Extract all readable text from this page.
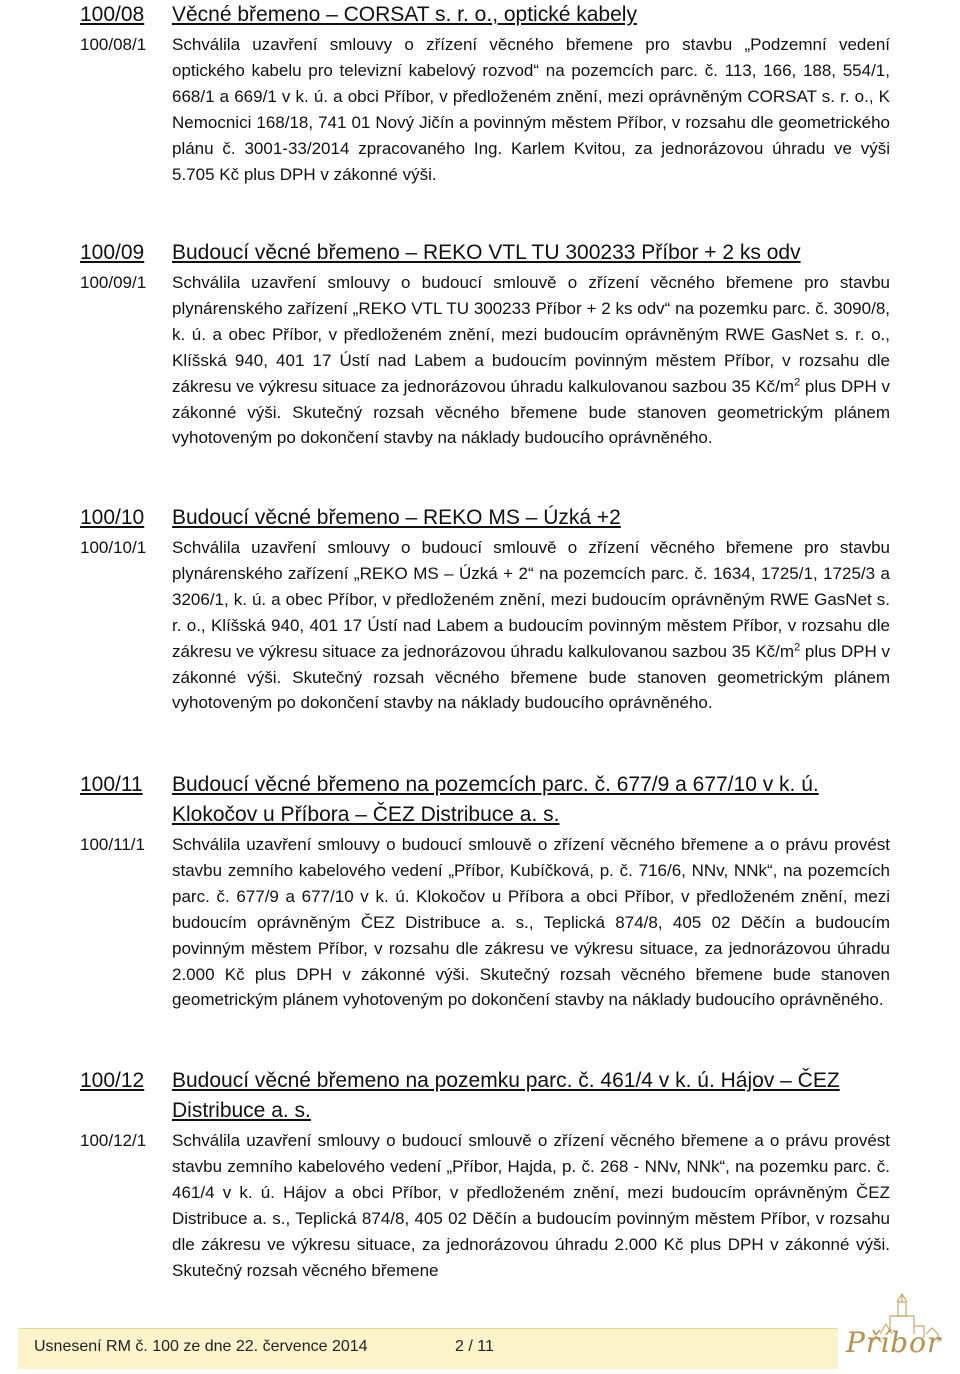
100/08	Věcné břemeno – CORSAT s. r. o., optické kabely
100/08/1	Schválila uzavření smlouvy o zřízení věcného břemene pro stavbu „Podzemní vedení optického kabelu pro televizní kabelový rozvod“ na pozemcích parc. č. 113, 166, 188, 554/1, 668/1 a 669/1 v k. ú. a obci Příbor, v předloženém znění, mezi oprávněným CORSAT s. r. o., K Nemocnici 168/18, 741 01 Nový Jičín a povinným městem Příbor, v rozsahu dle geometrického plánu č. 3001-33/2014 zpracovaného Ing. Karlem Kvitou, za jednorázovou úhradu ve výši 5.705 Kč plus DPH v zákonné výši.
100/09	Budoucí věcné břemeno – REKO VTL TU 300233 Příbor + 2 ks odv
100/09/1	Schválila uzavření smlouvy o budoucí smlouvě o zřízení věcného břemene pro stavbu plynárenského zařízení „REKO VTL TU 300233 Příbor + 2 ks odv“ na pozemku parc. č. 3090/8, k. ú. a obec Příbor, v předloženém znění, mezi budoucím oprávněným RWE GasNet s. r. o., Klíšská 940, 401 17 Ústí nad Labem a budoucím povinným městem Příbor, v rozsahu dle zákresu ve výkresu situace za jednorázovou úhradu kalkulovanou sazbou 35 $Kč/m^2$ plus DPH v zákonné výši. Skutečný rozsah věcného břemene bude stanoven geometrickým plánem vyhotoveným po dokončení stavby na náklady budoucího oprávněného.
100/10	Budoucí věcné břemeno – REKO MS – Úzká +2
100/10/1	Schválila uzavření smlouvy o budoucí smlouvě o zřízení věcného břemene pro stavbu plynárenského zařízení „REKO MS – Úzká + 2“ na pozemcích parc. č. 1634, 1725/1, 1725/3 a 3206/1, k. ú. a obec Příbor, v předloženém znění, mezi budoucím oprávněným RWE GasNet s. r. o., Klíšská 940, 401 17 Ústí nad Labem a budoucím povinným městem Příbor, v rozsahu dle zákresu ve výkresu situace za jednorázovou úhradu kalkulovanou sazbou 35 $Kč/m^2$ plus DPH v zákonné výši. Skutečný rozsah věcného břemene bude stanoven geometrickým plánem vyhotoveným po dokončení stavby na náklady budoucího oprávněného.
100/11	Budoucí věcné břemeno na pozemcích parc. č. 677/9 a 677/10 v k. ú. Klokočov u Příbora – ČEZ Distribuce a. s.
100/11/1	Schválila uzavření smlouvy o budoucí smlouvě o zřízení věcného břemene a o právu provést stavbu zemního kabelového vedení „Příbor, Kubíčková, p. č. 716/6, NNv, NNk“, na pozemcích parc. č. 677/9 a 677/10 v k. ú. Klokočov u Příbora a obci Příbor, v předloženém znění, mezi budoucím oprávněným ČEZ Distribuce a. s., Teplická 874/8, 405 02 Děčín a budoucím povinným městem Příbor, v rozsahu dle zákresu ve výkresu situace, za jednorázovou úhradu 2.000 Kč plus DPH v zákonné výši. Skutečný rozsah věcného břemene bude stanoven geometrickým plánem vyhotoveným po dokončení stavby na náklady budoucího oprávněného.
100/12	Budoucí věcné břemeno na pozemku parc. č. 461/4 v k. ú. Hájov – ČEZ Distribuce a. s.
100/12/1	Schválila uzavření smlouvy o budoucí smlouvě o zřízení věcného břemene a o právu provést stavbu zemního kabelového vedení „Příbor, Hajda, p. č. 268 - NNv, NNk“, na pozemku parc. č. 461/4 v k. ú. Hájov a obci Příbor, v předloženém znění, mezi budoucím oprávněným ČEZ Distribuce a. s., Teplická 874/8, 405 02 Děčín a budoucím povinným městem Příbor, v rozsahu dle zákresu ve výkresu situace, za jednorázovou úhradu 2.000 Kč plus DPH v zákonné výši. Skutečný rozsah věcného břemene
Usnesení RM č. 100 ze dne 22. července 2014	2 / 11	Příbor
